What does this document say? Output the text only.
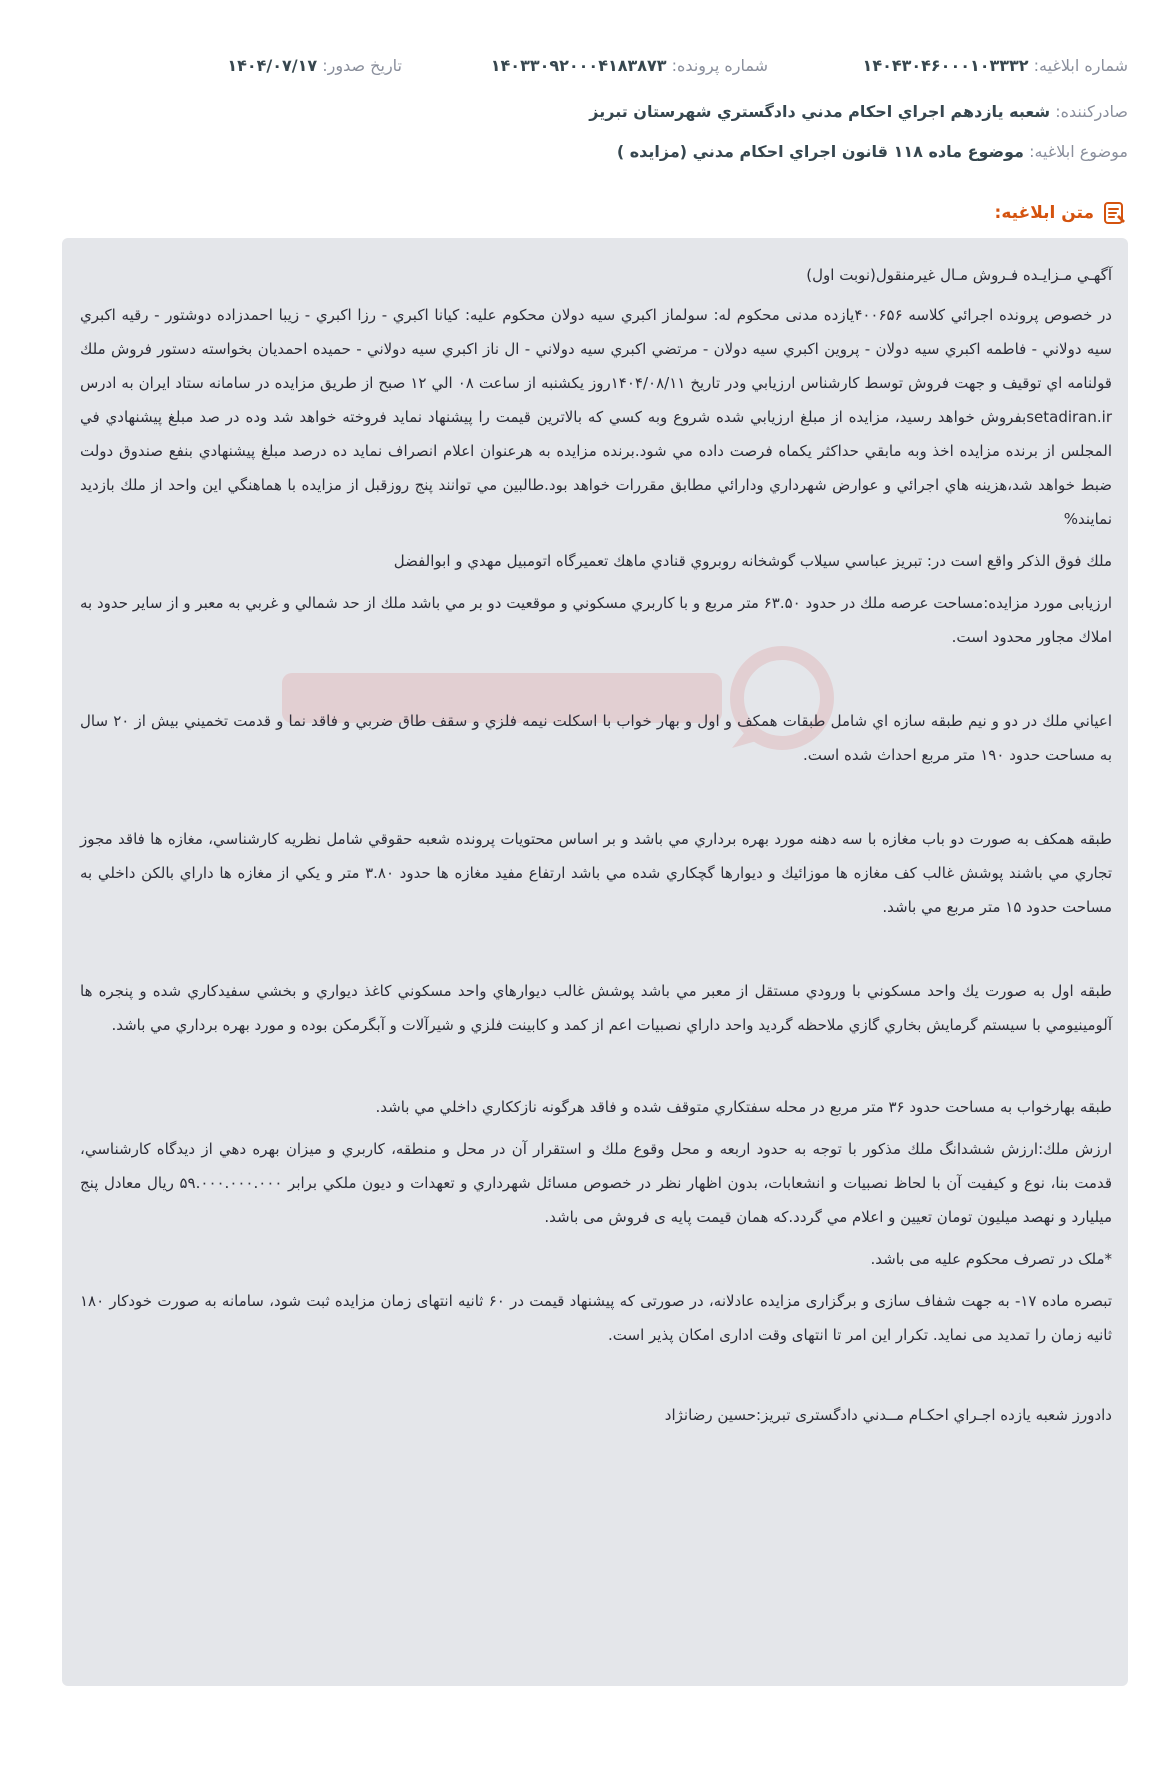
شماره ابلاغیه: ۱۴۰۴۳۰۴۶۰۰۰۱۰۳۳۳۲
شماره پرونده: ۱۴۰۳۳۰۹۲۰۰۰۴۱۸۳۸۷۳
تاریخ صدور: ۱۴۰۴/۰۷/۱۷
صادرکننده: شعبه يازدهم اجراي احكام مدني دادگستري شهرستان تبريز
موضوع ابلاغیه: موضوع ماده ۱۱۸ قانون اجراي احكام مدني (مزايده )
متن ابلاغیه:

آگهـي مـزايـده فـروش مـال غيرمنقول(نوبت اول)

در خصوص پرونده اجرائي كلاسه ۴۰۰۶۵۶يازده مدنی محکوم له: سولماز اكبري سيه دولان محکوم علیه: کیانا اکبري - رزا اكبري - زيبا احمدزاده دوشتور - رقيه اكبري سيه دولاني - فاطمه اكبري سيه دولان - پروين اكبري سيه دولان - مرتضي اكبري سيه دولاني - ال ناز اكبري سيه دولاني - حميده احمديان بخواسته دستور فروش ملك قولنامه اي توقيف و جهت فروش توسط كارشناس ارزيابي ودر تاريخ ۱۴۰۴/۰۸/۱۱روز يكشنبه از ساعت ۰۸ الي ۱۲ صبح از طريق مزايده در سامانه ستاد ايران به ادرس setadiran.irبفروش خواهد رسيد، مزايده از مبلغ ارزيابي شده شروع وبه كسي كه بالاترين قيمت را پيشنهاد نمايد فروخته خواهد شد وده در صد مبلغ پيشنهادي في المجلس از برنده مزايده اخذ وبه مابقي حداكثر يكماه فرصت داده مي شود.برنده مزايده به هرعنوان اعلام انصراف نمايد ده درصد مبلغ پيشنهادي بنفع صندوق دولت ضبط خواهد شد،هزينه هاي اجرائي و عوارض شهرداري ودارائي مطابق مقررات خواهد بود.طالبين مي توانند پنج روزقبل از مزايده با هماهنگي اين واحد از ملك بازديد نمايند%

ملك فوق الذكر واقع است در: تبريز عباسي سيلاب گوشخانه روبروي قنادي ماهك تعميرگاه اتومبيل مهدي و ابوالفضل

ارزيابی مورد مزایده:مساحت عرصه ملك در حدود ۶۳.۵۰ متر مربع و با كاربري مسكوني و موقعيت دو بر مي باشد ملك از حد شمالي و غربي به معبر و از ساير حدود به املاك مجاور محدود است.

اعياني ملك در دو و نيم طبقه سازه اي شامل طبقات همكف و اول و بهار خواب با اسكلت نيمه فلزي و سقف طاق ضربي و فاقد نما و قدمت تخميني بيش از ۲۰ سال به مساحت حدود ۱۹۰ متر مربع احداث شده است.

طبقه همكف به صورت دو باب مغازه با سه دهنه مورد بهره برداري مي باشد و بر اساس محتويات پرونده شعبه حقوقي شامل نظريه كارشناسي، مغازه ها فاقد مجوز تجاري مي باشند پوشش غالب كف مغازه ها موزائيك و ديوارها گچكاري شده مي باشد ارتفاع مفيد مغازه ها حدود ۳.۸۰ متر و يكي از مغازه ها داراي بالكن داخلي به مساحت حدود ۱۵ متر مربع مي باشد.

طبقه اول به صورت يك واحد مسكوني با ورودي مستقل از معبر مي باشد پوشش غالب ديوارهاي واحد مسكوني كاغذ ديواري و بخشي سفيدكاري شده و پنجره ها آلومينيومي با سيستم گرمايش بخاري گازي ملاحظه گرديد واحد داراي نصبيات اعم از كمد و كابينت فلزي و شيرآلات و آبگرمكن بوده و مورد بهره برداري مي باشد.

طبقه بهارخواب به مساحت حدود ۳۶ متر مربع در محله سفتكاري متوقف شده و فاقد هرگونه نازككاري داخلي مي باشد.

ارزش ملك:ارزش ششدانگ ملك مذكور با توجه به حدود اربعه و محل وقوع ملك و استقرار آن در محل و منطقه، كاربري و ميزان بهره دهي از ديدگاه كارشناسي، قدمت بنا، نوع و كيفيت آن با لحاظ نصبيات و انشعابات، بدون اظهار نظر در خصوص مسائل شهرداري و تعهدات و ديون ملكي برابر ۵۹.۰۰۰.۰۰۰.۰۰۰ ريال معادل پنج ميليارد و نهصد ميليون تومان تعيين و اعلام مي گردد.که همان قیمت پایه ی فروش می باشد.

*ملک در تصرف محکوم علیه می باشد.

تبصره ماده ۱۷- به جهت شفاف سازی و برگزاری مزایده عادلانه، در صورتی که پیشنهاد قیمت در ۶۰ ثانیه انتهای زمان مزایده ثبت شود، سامانه به صورت خودکار ۱۸۰ ثانیه زمان را تمدید می نماید. تکرار این امر تا انتهای وقت اداری امکان پذیر است.

دادورز شعبه یازده اجـراي احكـام مــدني دادگستری تبریز:حسین رضانژاد
